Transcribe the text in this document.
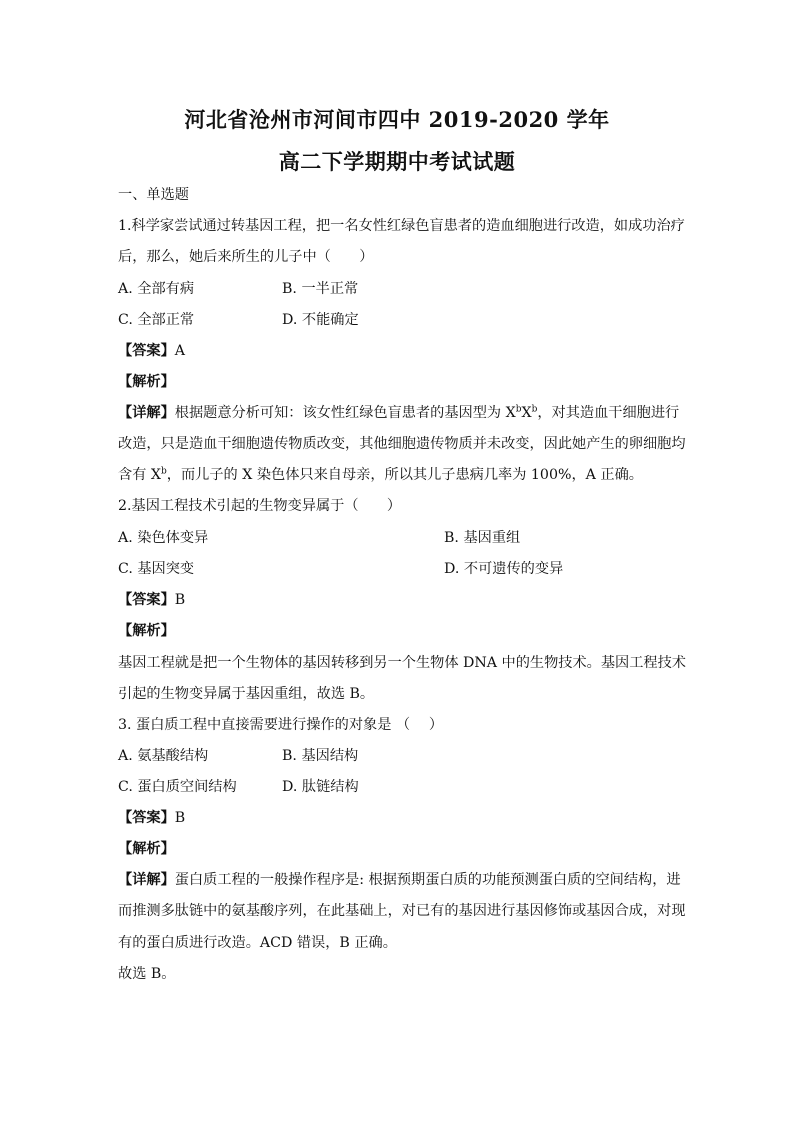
河北省沧州市河间市四中 2019-2020 学年
高二下学期期中考试试题
一、单选题
1.科学家尝试通过转基因工程，把一名女性红绿色盲患者的造血细胞进行改造，如成功治疗
后，那么，她后来所生的儿子中（　　）
A. 全部有病	B. 一半正常
C. 全部正常	D. 不能确定
【答案】A
【解析】
【详解】根据题意分析可知：该女性红绿色盲患者的基因型为 $X^bX^b$，对其造血干细胞进行
改造，只是造血干细胞遗传物质改变，其他细胞遗传物质并未改变，因此她产生的卵细胞均
含有 $X^b$，而儿子的 X 染色体只来自母亲，所以其儿子患病几率为 100%，A 正确。
2.基因工程技术引起的生物变异属于（　　）
A. 染色体变异	B. 基因重组
C. 基因突变	D. 不可遗传的变异
【答案】B
【解析】
基因工程就是把一个生物体的基因转移到另一个生物体 DNA 中的生物技术。基因工程技术
引起的生物变异属于基因重组，故选 B。
3. 蛋白质工程中直接需要进行操作的对象是 （　 ）
A. 氨基酸结构	B. 基因结构
C. 蛋白质空间结构	D. 肽链结构
【答案】B
【解析】
【详解】蛋白质工程的一般操作程序是: 根据预期蛋白质的功能预测蛋白质的空间结构，进
而推测多肽链中的氨基酸序列，在此基础上，对已有的基因进行基因修饰或基因合成，对现
有的蛋白质进行改造。ACD 错误，B 正确。
故选 B。
